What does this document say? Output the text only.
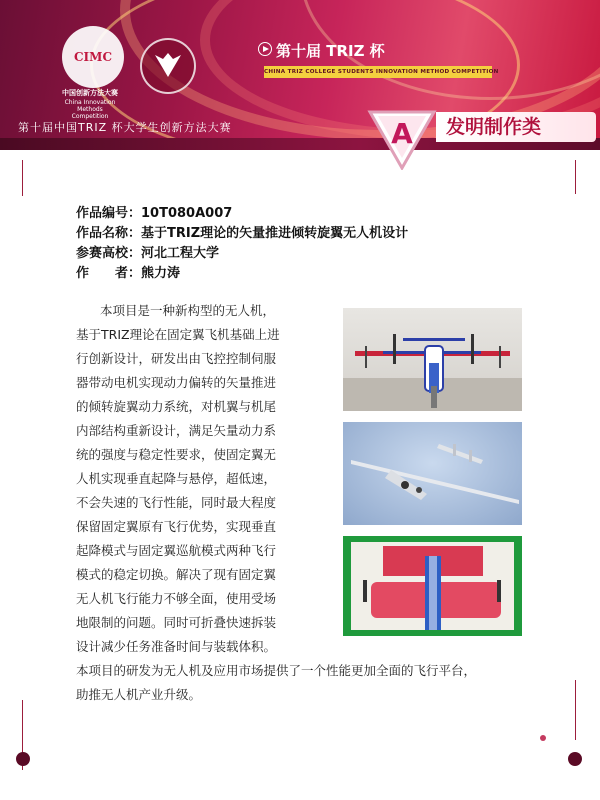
CIMC
中国创新方法大赛
China Innovation Methods Competition
第十届 TRIZ 杯
CHINA TRIZ COLLEGE STUDENTS INNOVATION METHOD COMPETITION
第十届中国TRIZ 杯大学生创新方法大赛	A	发明制作类
作品编号：10T080A007
作品名称：基于TRIZ理论的矢量推进倾转旋翼无人机设计
参赛高校：河北工程大学
作　　者：熊力涛
本项目是一种新构型的无人机，
基于TRIZ理论在固定翼飞机基础上进
行创新设计，研发出由飞控控制伺服
器带动电机实现动力偏转的矢量推进
的倾转旋翼动力系统，对机翼与机尾
内部结构重新设计，满足矢量动力系
统的强度与稳定性要求，使固定翼无
人机实现垂直起降与悬停，超低速，
不会失速的飞行性能，同时最大程度
保留固定翼原有飞行优势，实现垂直
起降模式与固定翼巡航模式两种飞行
模式的稳定切换。解决了现有固定翼
无人机飞行能力不够全面，使用受场
地限制的问题。同时可折叠快速拆装
设计减少任务准备时间与装载体积。
本项目的研发为无人机及应用市场提供了一个性能更加全面的飞行平台，
助推无人机产业升级。
